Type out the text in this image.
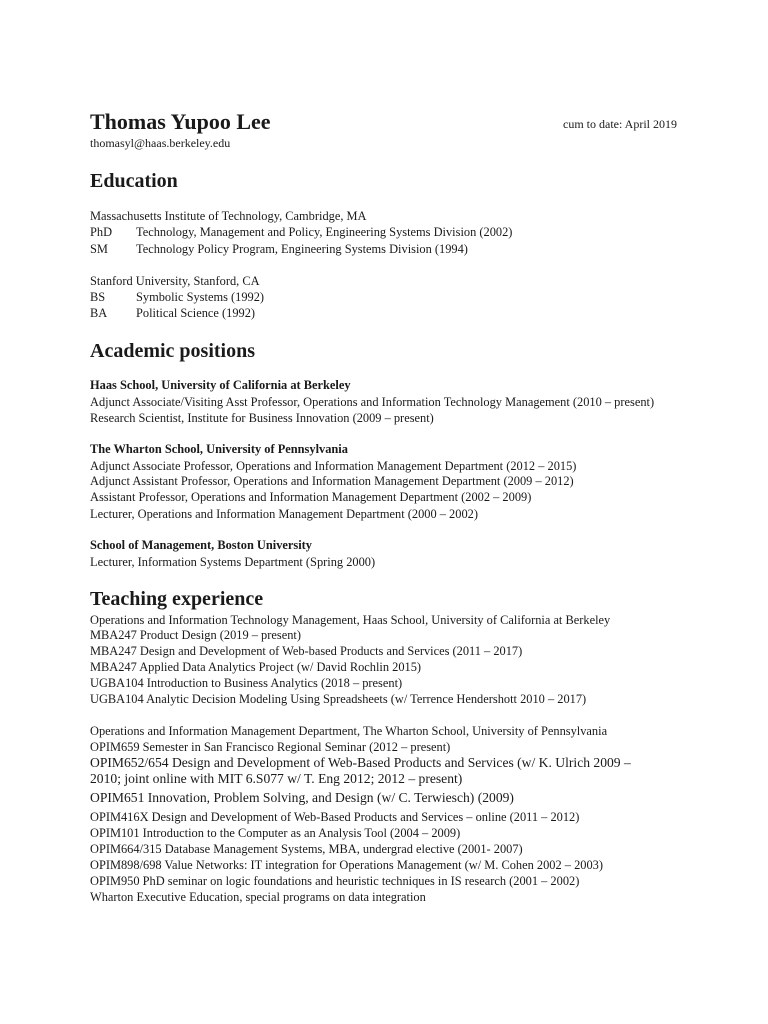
Thomas Yupoo Lee	cum to date: April 2019
thomasyl@haas.berkeley.edu
Education
Massachusetts Institute of Technology, Cambridge, MA
PhD Technology, Management and Policy, Engineering Systems Division (2002)
SM Technology Policy Program, Engineering Systems Division (1994)
Stanford University, Stanford, CA
BS Symbolic Systems (1992)
BA Political Science (1992)
Academic positions
Haas School, University of California at Berkeley
Adjunct Associate/Visiting Asst Professor, Operations and Information Technology Management (2010 – present)
Research Scientist, Institute for Business Innovation (2009 – present)
The Wharton School, University of Pennsylvania
Adjunct Associate Professor, Operations and Information Management Department (2012 – 2015)
Adjunct Assistant Professor, Operations and Information Management Department (2009 – 2012)
Assistant Professor, Operations and Information Management Department (2002 – 2009)
Lecturer, Operations and Information Management Department (2000 – 2002)
School of Management, Boston University
Lecturer, Information Systems Department (Spring 2000)
Teaching experience
Operations and Information Technology Management, Haas School, University of California at Berkeley
MBA247 Product Design (2019 – present)
MBA247 Design and Development of Web-based Products and Services (2011 – 2017)
MBA247 Applied Data Analytics Project (w/ David Rochlin 2015)
UGBA104 Introduction to Business Analytics (2018 – present)
UGBA104 Analytic Decision Modeling Using Spreadsheets (w/ Terrence Hendershott 2010 – 2017)
Operations and Information Management Department, The Wharton School, University of Pennsylvania
OPIM659 Semester in San Francisco Regional Seminar (2012 – present)
OPIM652/654 Design and Development of Web-Based Products and Services (w/ K. Ulrich 2009 –
2010; joint online with MIT 6.S077 w/ T. Eng 2012; 2012 – present)
OPIM651 Innovation, Problem Solving, and Design (w/ C. Terwiesch) (2009)
OPIM416X Design and Development of Web-Based Products and Services – online (2011 – 2012)
OPIM101 Introduction to the Computer as an Analysis Tool (2004 – 2009)
OPIM664/315 Database Management Systems, MBA, undergrad elective (2001- 2007)
OPIM898/698 Value Networks: IT integration for Operations Management (w/ M. Cohen 2002 – 2003)
OPIM950 PhD seminar on logic foundations and heuristic techniques in IS research (2001 – 2002)
Wharton Executive Education, special programs on data integration
